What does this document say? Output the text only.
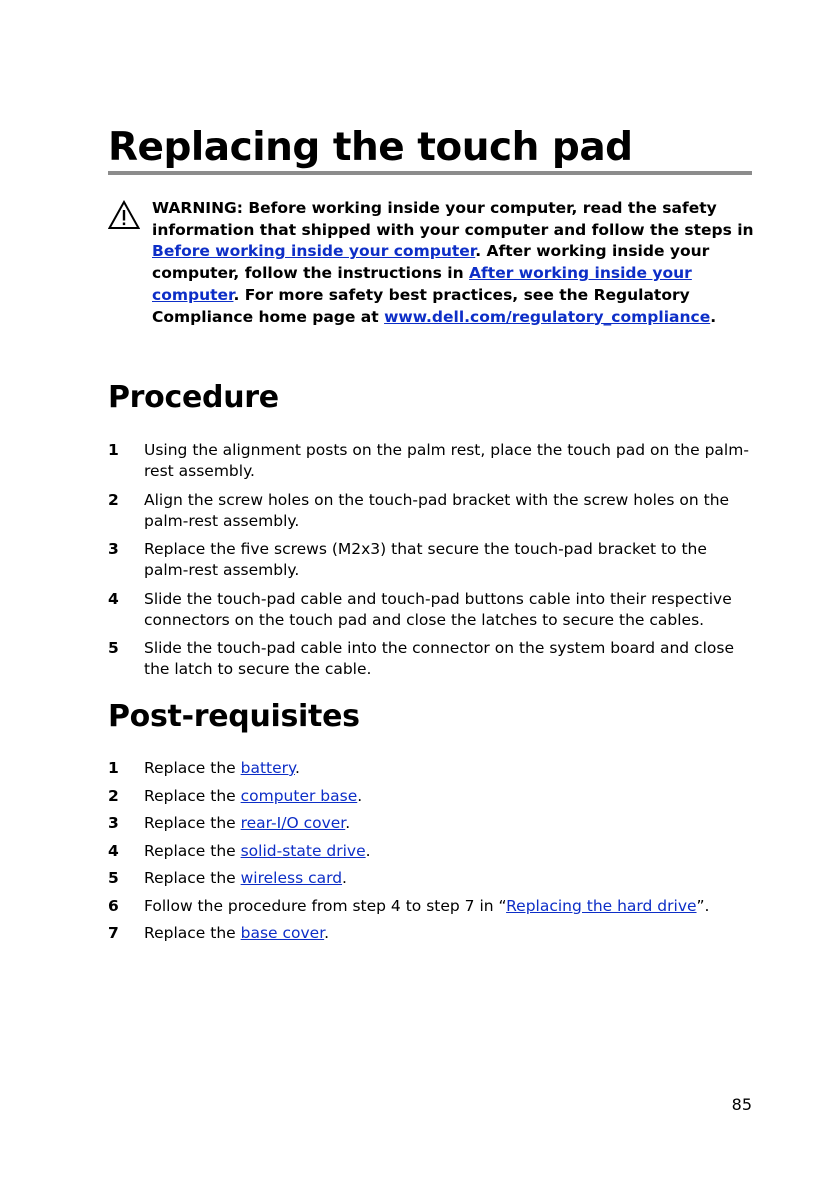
Replacing the touch pad
WARNING: Before working inside your computer, read the safety information that shipped with your computer and follow the steps in Before working inside your computer. After working inside your computer, follow the instructions in After working inside your computer. For more safety best practices, see the Regulatory Compliance home page at www.dell.com/regulatory_compliance.
Procedure
1 Using the alignment posts on the palm rest, place the touch pad on the palm-rest assembly.
2 Align the screw holes on the touch-pad bracket with the screw holes on the palm-rest assembly.
3 Replace the five screws (M2x3) that secure the touch-pad bracket to the palm-rest assembly.
4 Slide the touch-pad cable and touch-pad buttons cable into their respective connectors on the touch pad and close the latches to secure the cables.
5 Slide the touch-pad cable into the connector on the system board and close the latch to secure the cable.
Post-requisites
1 Replace the battery.
2 Replace the computer base.
3 Replace the rear-I/O cover.
4 Replace the solid-state drive.
5 Replace the wireless card.
6 Follow the procedure from step 4 to step 7 in “Replacing the hard drive”.
7 Replace the base cover.
85
